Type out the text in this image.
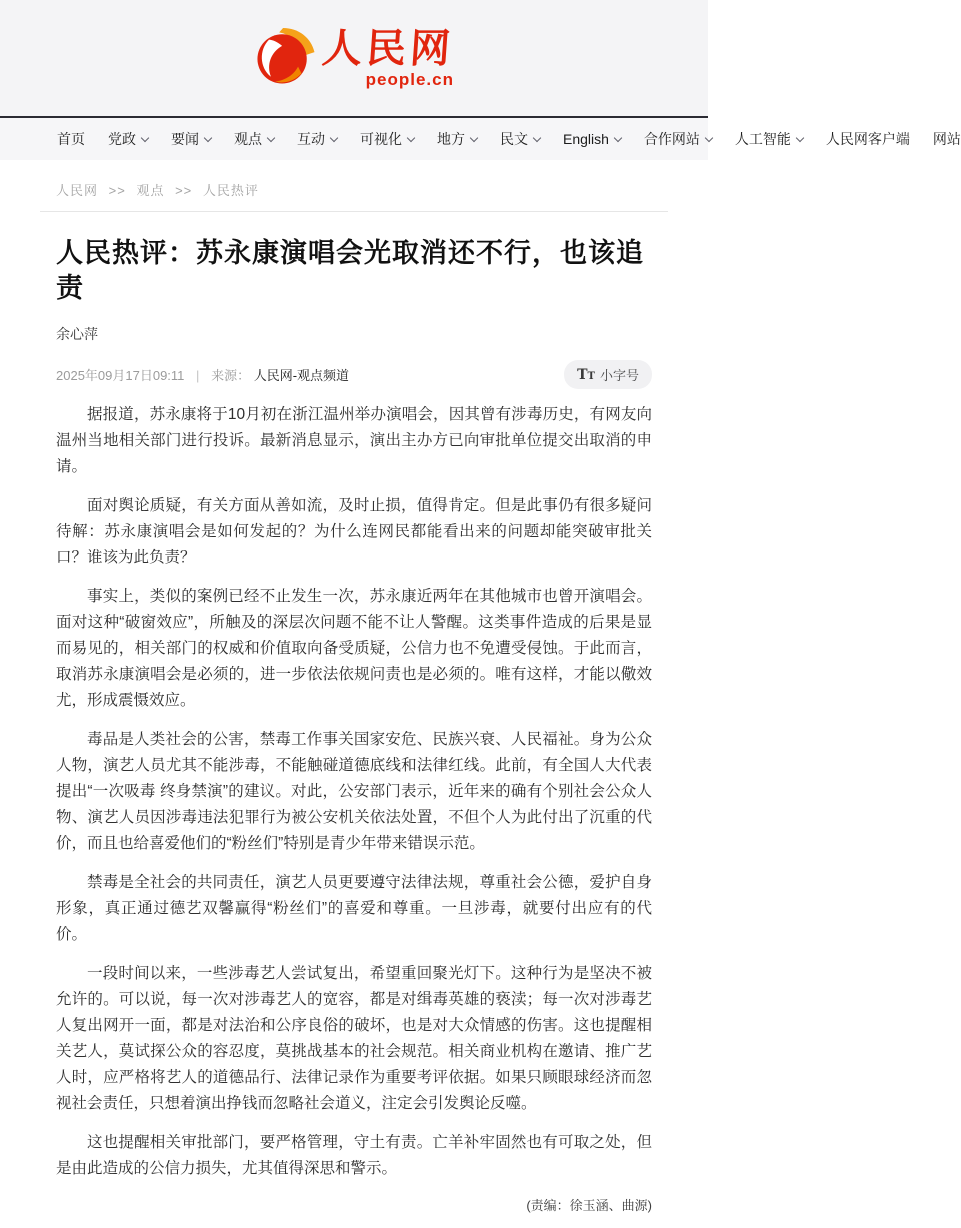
人民网
people.cn
首页 党政	要闻	观点	互动	可视化	地方	民文	English	合作网站	人工智能	人民网客户端 网站
人民网 >> 观点 >> 人民热评
人民热评：苏永康演唱会光取消还不行，也该追责
余心萍
2025年09月17日09:11 | 来源： 人民网-观点频道	TT 小字号

据报道，苏永康将于10月初在浙江温州举办演唱会，因其曾有涉毒历史，有网友向温州当地相关部门进行投诉。最新消息显示，演出主办方已向审批单位提交出取消的申请。

面对舆论质疑，有关方面从善如流，及时止损，值得肯定。但是此事仍有很多疑问待解：苏永康演唱会是如何发起的？为什么连网民都能看出来的问题却能突破审批关口？谁该为此负责？

事实上，类似的案例已经不止发生一次，苏永康近两年在其他城市也曾开演唱会。面对这种“破窗效应”，所触及的深层次问题不能不让人警醒。这类事件造成的后果是显而易见的，相关部门的权威和价值取向备受质疑，公信力也不免遭受侵蚀。于此而言，取消苏永康演唱会是必须的，进一步依法依规问责也是必须的。唯有这样，才能以儆效尤，形成震慑效应。

毒品是人类社会的公害，禁毒工作事关国家安危、民族兴衰、人民福祉。身为公众人物，演艺人员尤其不能涉毒，不能触碰道德底线和法律红线。此前，有全国人大代表提出“一次吸毒 终身禁演”的建议。对此，公安部门表示，近年来的确有个别社会公众人物、演艺人员因涉毒违法犯罪行为被公安机关依法处置，不但个人为此付出了沉重的代价，而且也给喜爱他们的“粉丝们”特别是青少年带来错误示范。

禁毒是全社会的共同责任，演艺人员更要遵守法律法规，尊重社会公德，爱护自身形象，真正通过德艺双馨赢得“粉丝们”的喜爱和尊重。一旦涉毒，就要付出应有的代价。

一段时间以来，一些涉毒艺人尝试复出，希望重回聚光灯下。这种行为是坚决不被允许的。可以说，每一次对涉毒艺人的宽容，都是对缉毒英雄的亵渎；每一次对涉毒艺人复出网开一面，都是对法治和公序良俗的破坏，也是对大众情感的伤害。这也提醒相关艺人，莫试探公众的容忍度，莫挑战基本的社会规范。相关商业机构在邀请、推广艺人时，应严格将艺人的道德品行、法律记录作为重要考评依据。如果只顾眼球经济而忽视社会责任，只想着演出挣钱而忽略社会道义，注定会引发舆论反噬。

这也提醒相关审批部门，要严格管理，守土有责。亡羊补牢固然也有可取之处，但是由此造成的公信力损失，尤其值得深思和警示。

(责编：徐玉涵、曲源)
